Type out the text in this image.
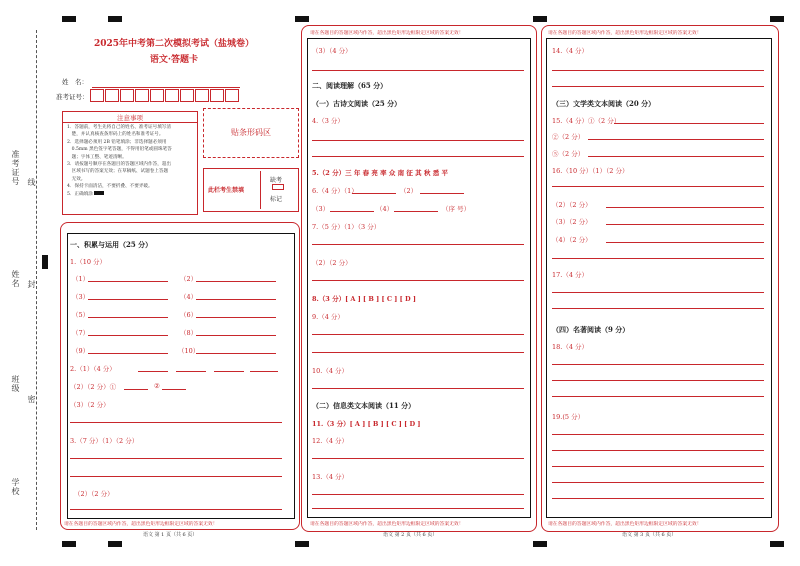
准考证号 线
姓名 封
班级
密
学校
2025年中考第二次模拟考试（盐城卷）
语文·答题卡
姓　名：
准考证号：
注意事项
1．答题前，考生先将自己的姓名、准考证号填写清
　楚，并认真核查条形码上的姓名和准考证号。
2．选择题必须用 2B 铅笔填涂；非选择题必须用
　0.5mm 黑色签字笔答题，不得用铅笔或圆珠笔答
　题；字体工整、笔迹清晰。
3．请按题号顺序在各题目的答题区域内作答，超出
　区域书写的答案无效；在草稿纸、试题卷上答题
　无效。
4．保持卡面清洁，不要折叠、不要弄破。
5．正确填涂
贴条形码区
此栏考生禁填
缺考
标记
请在各题目的答题区域内作答，超出黑色矩形边框限定区域的答案无效！
语文 第 1 页（共 6 页）
一、积累与运用（25 分）
1.（10 分）
（1）	（2）
（3）	（4）
（5）	（6）
（7）	（8）
（9）	（10）
2.（1）（4 分）
（2）（2 分）①	②
（3）（2 分）
3.（7 分）（1）（2 分）
（2）（2 分）
请在各题目的答题区域内作答，超出黑色矩形边框限定区域的答案无效！
请在各题目的答题区域内作答，超出黑色矩形边框限定区域的答案无效！
语文 第 2 页（共 6 页）
（3）（4 分）
二、阅读理解（65 分）
（一）古诗文阅读（25 分）
4.（3 分）
5.（2 分）三 年 春 亮 率 众 南 征 其 秋 悉 平
6.（4 分）（1）	（2）
（3）	（4）	（序 号）
7.（5 分）（1）（3 分）
（2）（2 分）
8.（3 分）[ A ] [ B ] [ C ] [ D ]
9.（4 分）
10.（4 分）
（二）信息类文本阅读（11 分）
11.（3 分）[ A ] [ B ] [ C ] [ D ]
12.（4 分）
13.（4 分）
请在各题目的答题区域内作答，超出黑色矩形边框限定区域的答案无效！
请在各题目的答题区域内作答，超出黑色矩形边框限定区域的答案无效！
语文 第 3 页（共 6 页）
14.（4 分）
（三）文学类文本阅读（20 分）
15.（4 分）①（2 分）
②（2 分）
⑤（2 分）
16.（10 分）（1）（2 分）
（2）（2 分）
（3）（2 分）
（4）（2 分）
17.（4 分）
（四）名著阅读（9 分）
18.（4 分）
19.(5 分）
